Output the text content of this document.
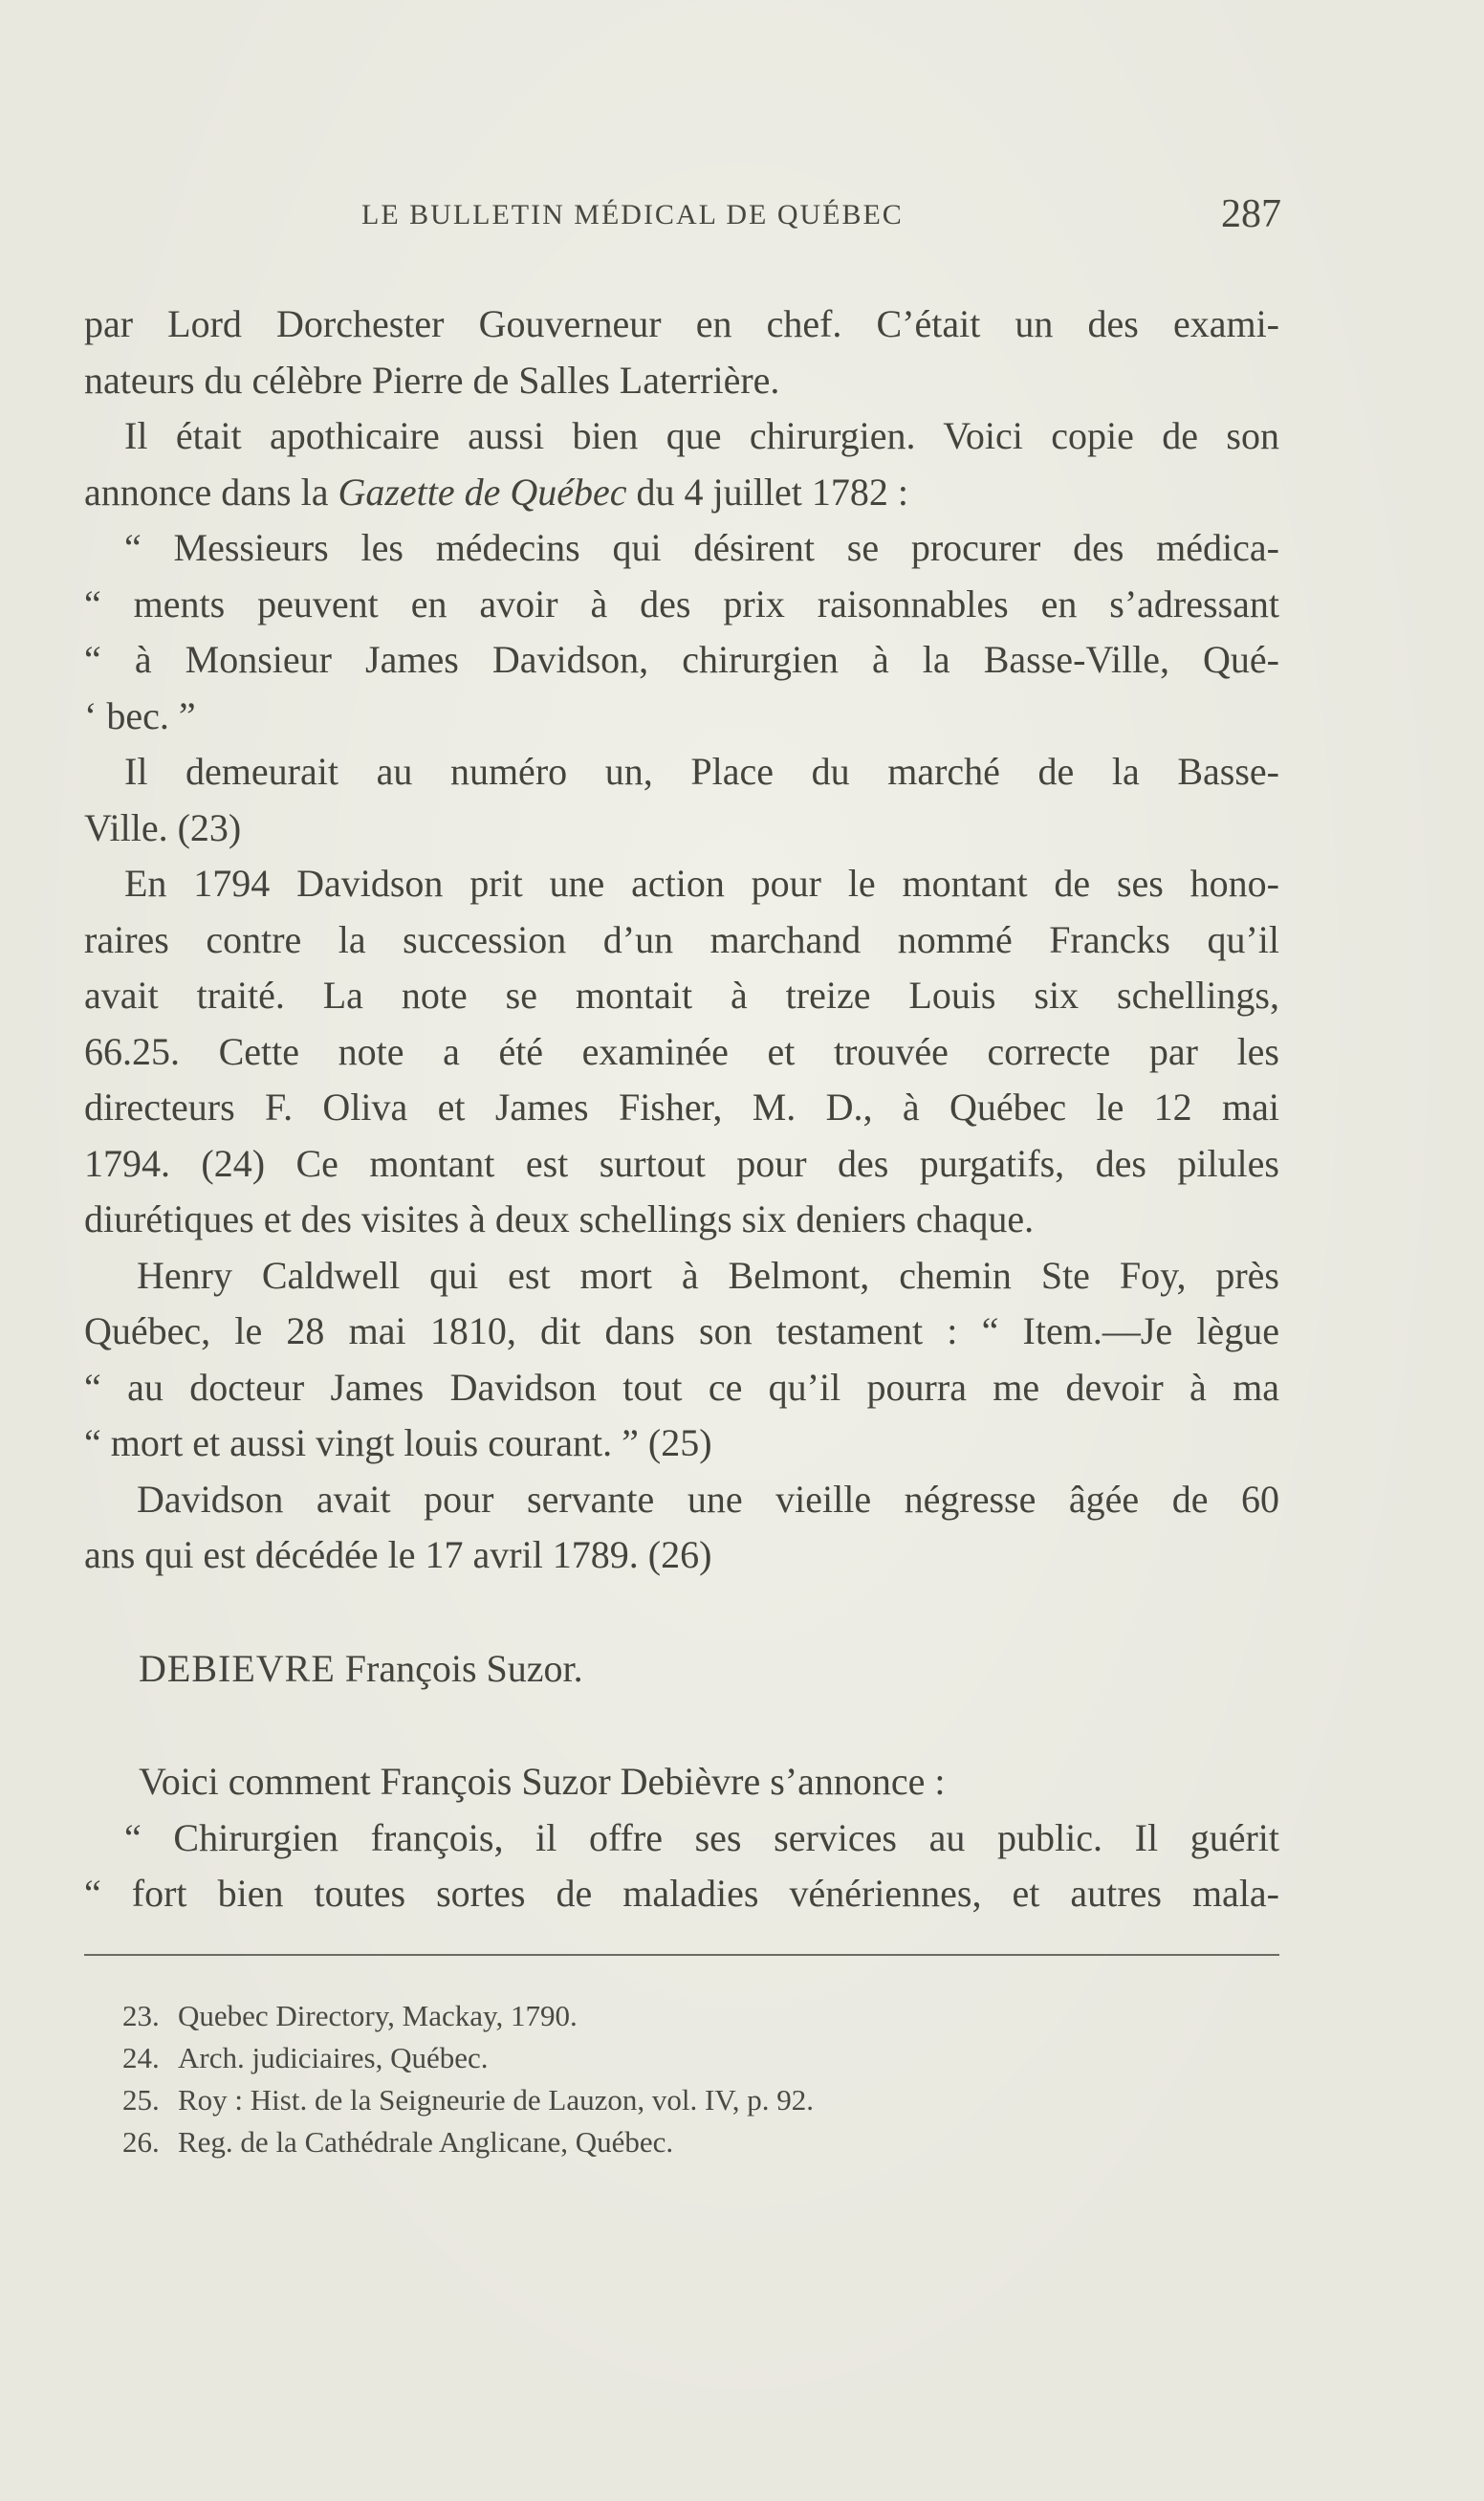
LE BULLETIN MÉDICAL DE QUÉBEC	287
par Lord Dorchester Gouverneur en chef. C’était un des exami-
nateurs du célèbre Pierre de Salles Laterrière.
Il était apothicaire aussi bien que chirurgien. Voici copie de son
annonce dans la Gazette de Québec du 4 juillet 1782 :
“ Messieurs les médecins qui désirent se procurer des médica-
“ ments peuvent en avoir à des prix raisonnables en s’adressant
“ à Monsieur James Davidson, chirurgien à la Basse-Ville, Qué-
‘ bec. ”
Il demeurait au numéro un, Place du marché de la Basse-
Ville. (23)
En 1794 Davidson prit une action pour le montant de ses hono-
raires contre la succession d’un marchand nommé Francks qu’il
avait traité. La note se montait à treize Louis six schellings,
66.25. Cette note a été examinée et trouvée correcte par les
directeurs F. Oliva et James Fisher, M. D., à Québec le 12 mai
1794. (24) Ce montant est surtout pour des purgatifs, des pilules
diurétiques et des visites à deux schellings six deniers chaque.
Henry Caldwell qui est mort à Belmont, chemin Ste Foy, près
Québec, le 28 mai 1810, dit dans son testament : “ Item.—Je lègue
“ au docteur James Davidson tout ce qu’il pourra me devoir à ma
“ mort et aussi vingt louis courant. ” (25)
Davidson avait pour servante une vieille négresse âgée de 60
ans qui est décédée le 17 avril 1789. (26)
DEBIEVRE François Suzor.
Voici comment François Suzor Debièvre s’annonce :
“ Chirurgien françois, il offre ses services au public. Il guérit
“ fort bien toutes sortes de maladies vénériennes, et autres mala-
23. Quebec Directory, Mackay, 1790.
24. Arch. judiciaires, Québec.
25. Roy : Hist. de la Seigneurie de Lauzon, vol. IV, p. 92.
26. Reg. de la Cathédrale Anglicane, Québec.
